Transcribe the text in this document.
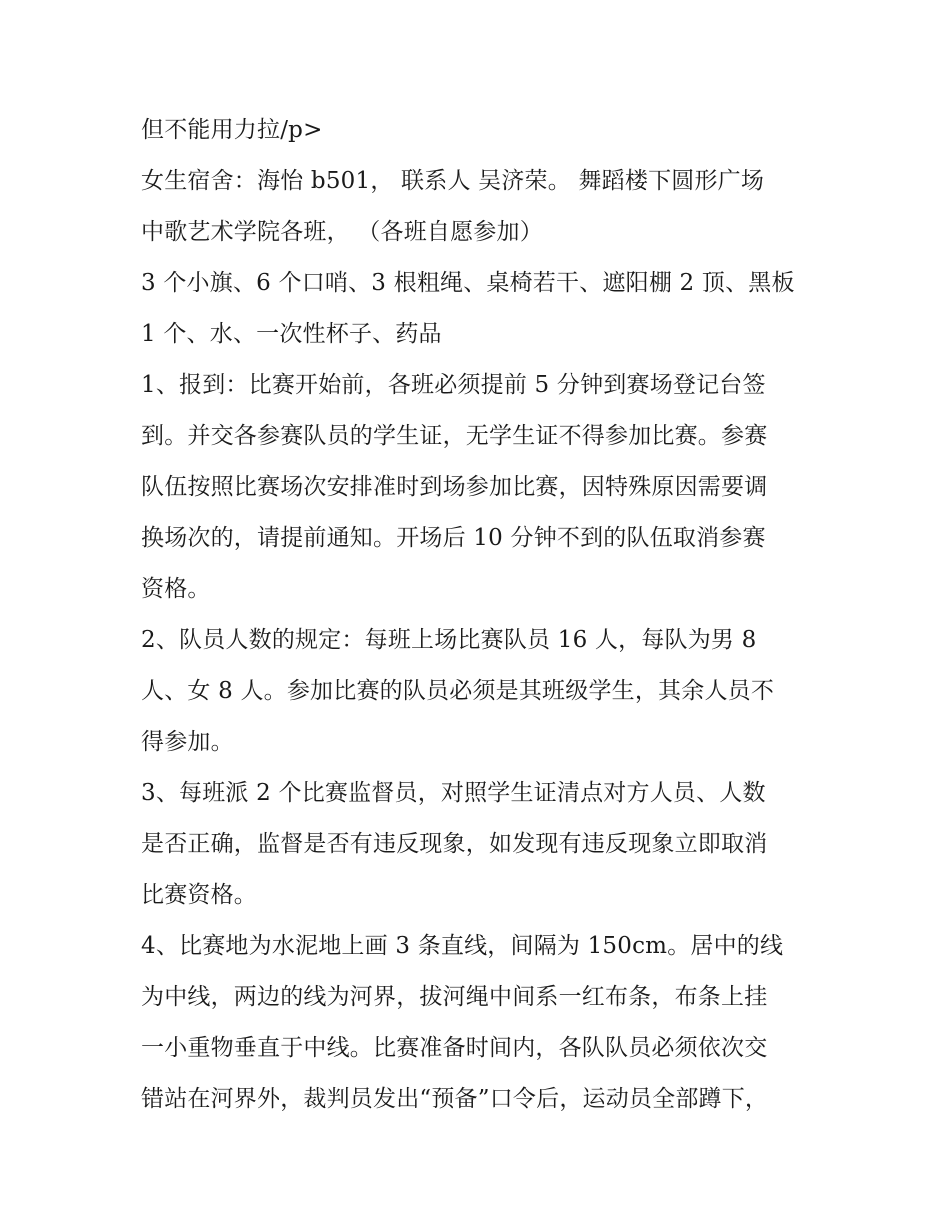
但不能用力拉/p>
女生宿舍：海怡 b501， 联系人 吴济荣。 舞蹈楼下圆形广场
中歌艺术学院各班， （各班自愿参加）
3 个小旗、6 个口哨、3 根粗绳、桌椅若干、遮阳棚 2 顶、黑板
1 个、水、一次性杯子、药品
1、报到：比赛开始前，各班必须提前 5 分钟到赛场登记台签
到。并交各参赛队员的学生证，无学生证不得参加比赛。参赛
队伍按照比赛场次安排准时到场参加比赛，因特殊原因需要调
换场次的，请提前通知。开场后 10 分钟不到的队伍取消参赛
资格。
2、队员人数的规定：每班上场比赛队员 16 人，每队为男 8
人、女 8 人。参加比赛的队员必须是其班级学生，其余人员不
得参加。
3、每班派 2 个比赛监督员，对照学生证清点对方人员、人数
是否正确，监督是否有违反现象，如发现有违反现象立即取消
比赛资格。
4、比赛地为水泥地上画 3 条直线，间隔为 150cm。居中的线
为中线，两边的线为河界，拔河绳中间系一红布条，布条上挂
一小重物垂直于中线。比赛准备时间内，各队队员必须依次交
错站在河界外，裁判员发出“预备”口令后，运动员全部蹲下，
